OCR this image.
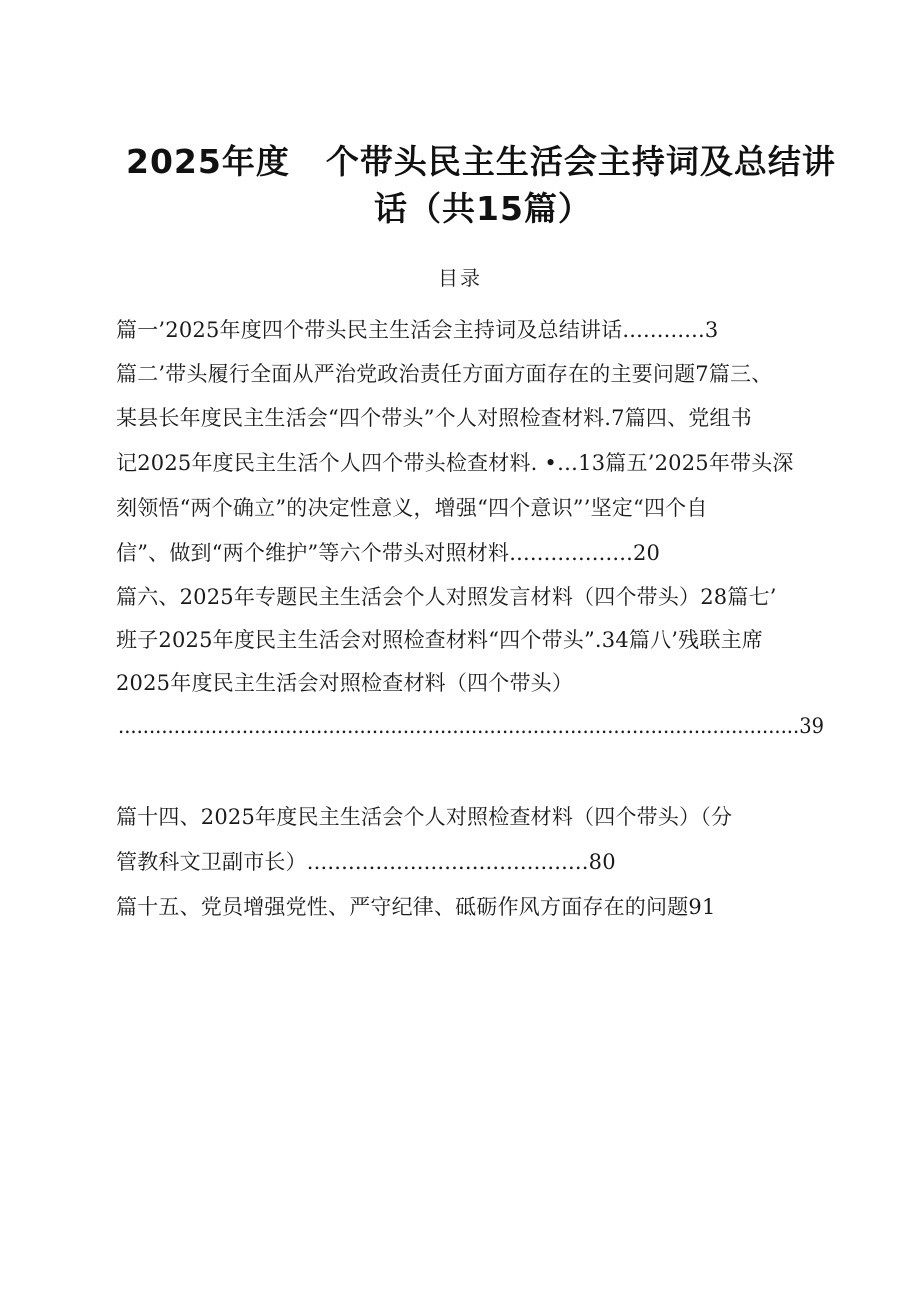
2025年度 个带头民主生活会主持词及总结讲
话（共15篇）
目录
篇一’2025年度四个带头民主生活会主持词及总结讲话............3
篇二’带头履行全面从严治党政治责任方面方面存在的主要问题7篇三、
某县长年度民主生活会“四个带头”个人对照检查材料.7篇四、党组书
记2025年度民主生活个人四个带头检查材料. •…13篇五’2025年带头深
刻领悟“两个确立”的决定性意义，增强“四个意识”’坚定“四个自
信”、做到“两个维护”等六个带头对照材料..................20
篇六、2025年专题民主生活会个人对照发言材料（四个带头）28篇七’
班子2025年度民主生活会对照检查材料“四个带头”.34篇八’残联主席
2025年度民主生活会对照检查材料（四个带头）
..............................................................................................................39
篇十四、2025年度民主生活会个人对照检查材料（四个带头）（分
管教科文卫副市长）.........................................80
篇十五、党员增强党性、严守纪律、砥砺作风方面存在的问题91
